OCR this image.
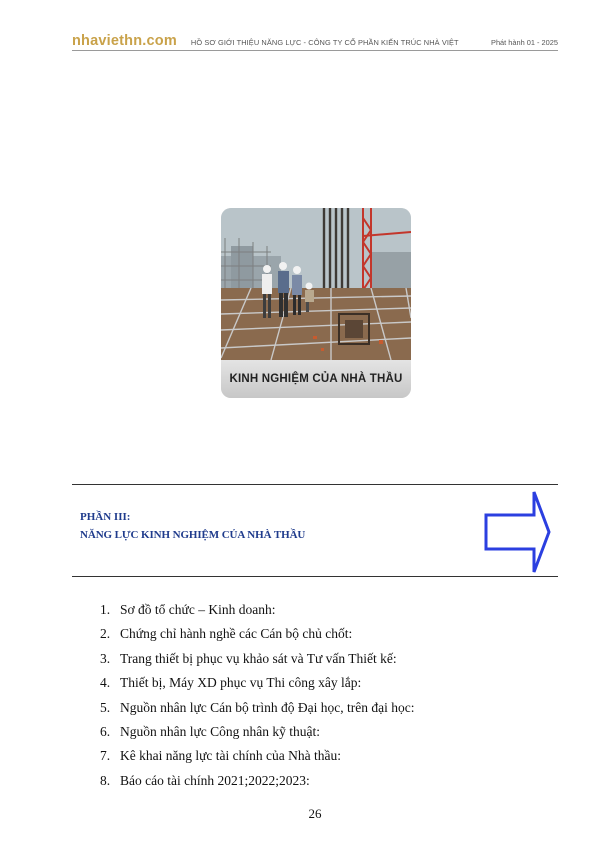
nhaviethn.com HỒ SƠ GIỚI THIỆU NĂNG LỰC - CÔNG TY CỔ PHẦN KIẾN TRÚC NHÀ VIỆT	Phát hành 01 - 2025
KINH NGHIỆM CỦA NHÀ THẦU
PHẦN III:
NĂNG LỰC KINH NGHIỆM CỦA NHÀ THẦU
1. Sơ đồ tổ chức – Kinh doanh:
2. Chứng chỉ hành nghề các Cán bộ chủ chốt:
3. Trang thiết bị phục vụ khảo sát và Tư vấn Thiết kế:
4. Thiết bị, Máy XD phục vụ Thi công xây lắp:
5. Nguồn nhân lực Cán bộ trình độ Đại học, trên đại học:
6. Nguồn nhân lực Công nhân kỹ thuật:
7. Kê khai năng lực tài chính của Nhà thầu:
8. Báo cáo tài chính 2021;2022;2023:
26
